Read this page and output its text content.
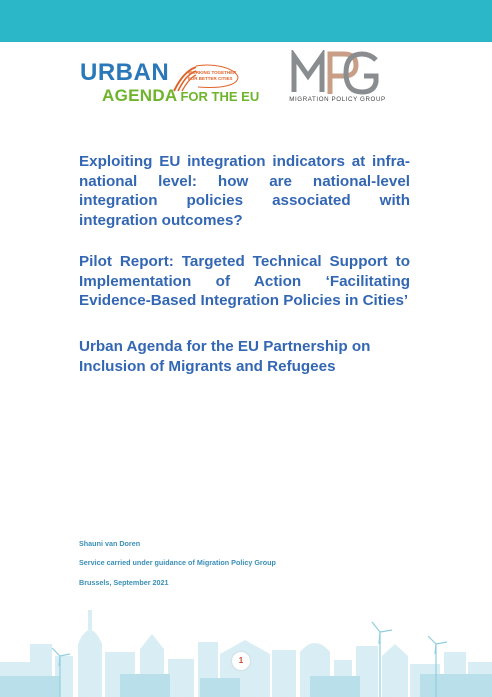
URBAN	WORKING TOGETHER
FOR BETTER CITIES
AGENDA FOR THE EU	MIGRATION POLICY GROUP
Exploiting EU integration indicators at infra-national level: how are national-level integration policies associated with integration outcomes?
Pilot Report: Targeted Technical Support to Implementation of Action ‘Facilitating Evidence-Based Integration Policies in Cities’
Urban Agenda for the EU Partnership on Inclusion of Migrants and Refugees
Shauni van Doren
Service carried under guidance of Migration Policy Group
Brussels, September 2021
1
